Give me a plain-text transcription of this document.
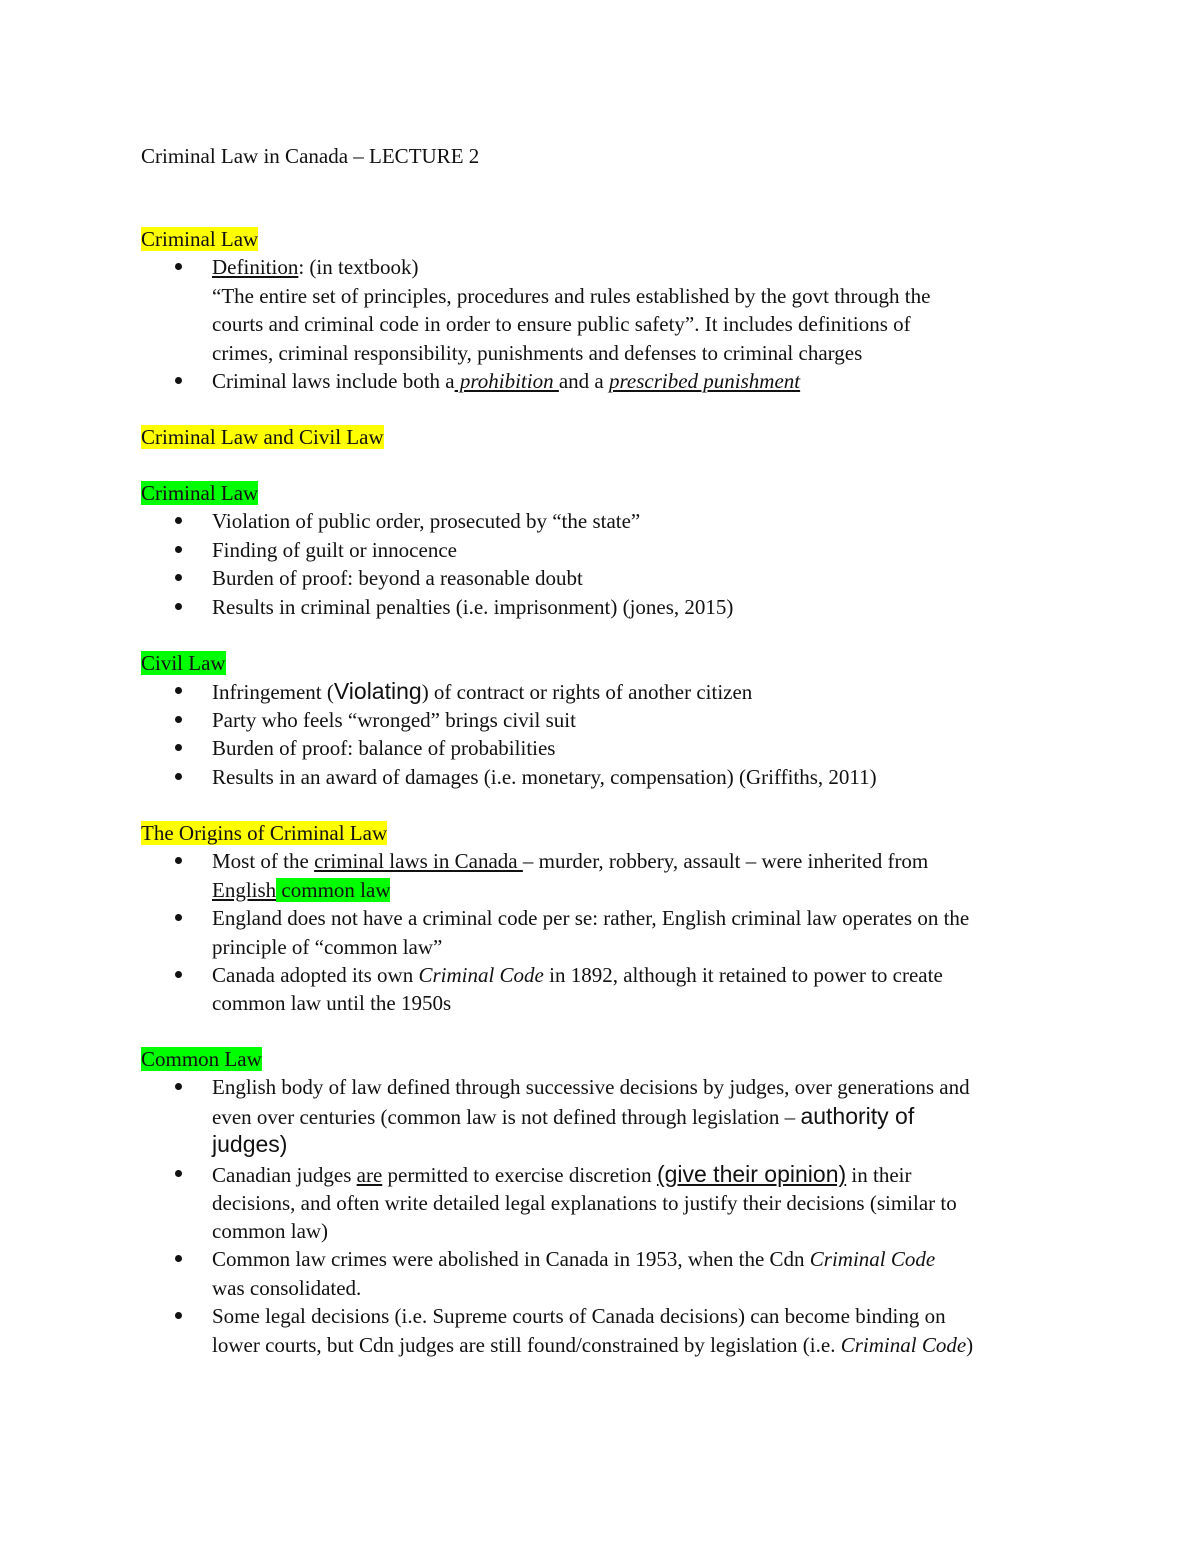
Criminal Law in Canada – LECTURE 2
Criminal Law
Definition: (in textbook)
“The entire set of principles, procedures and rules established by the govt through the
courts and criminal code in order to ensure public safety”. It includes definitions of
crimes, criminal responsibility, punishments and defenses to criminal charges
Criminal laws include both a prohibition and a prescribed punishment
Criminal Law and Civil Law
Criminal Law
Violation of public order, prosecuted by “the state”
Finding of guilt or innocence
Burden of proof: beyond a reasonable doubt
Results in criminal penalties (i.e. imprisonment) (jones, 2015)
Civil Law
Infringement (Violating) of contract or rights of another citizen
Party who feels “wronged” brings civil suit
Burden of proof: balance of probabilities
Results in an award of damages (i.e. monetary, compensation) (Griffiths, 2011)
The Origins of Criminal Law
Most of the criminal laws in Canada – murder, robbery, assault – were inherited from
English common law
England does not have a criminal code per se: rather, English criminal law operates on the
principle of “common law”
Canada adopted its own Criminal Code in 1892, although it retained to power to create
common law until the 1950s
Common Law
English body of law defined through successive decisions by judges, over generations and
even over centuries (common law is not defined through legislation – authority of
judges)
Canadian judges are permitted to exercise discretion (give their opinion) in their
decisions, and often write detailed legal explanations to justify their decisions (similar to
common law)
Common law crimes were abolished in Canada in 1953, when the Cdn Criminal Code
was consolidated.
Some legal decisions (i.e. Supreme courts of Canada decisions) can become binding on
lower courts, but Cdn judges are still found/constrained by legislation (i.e. Criminal Code)
